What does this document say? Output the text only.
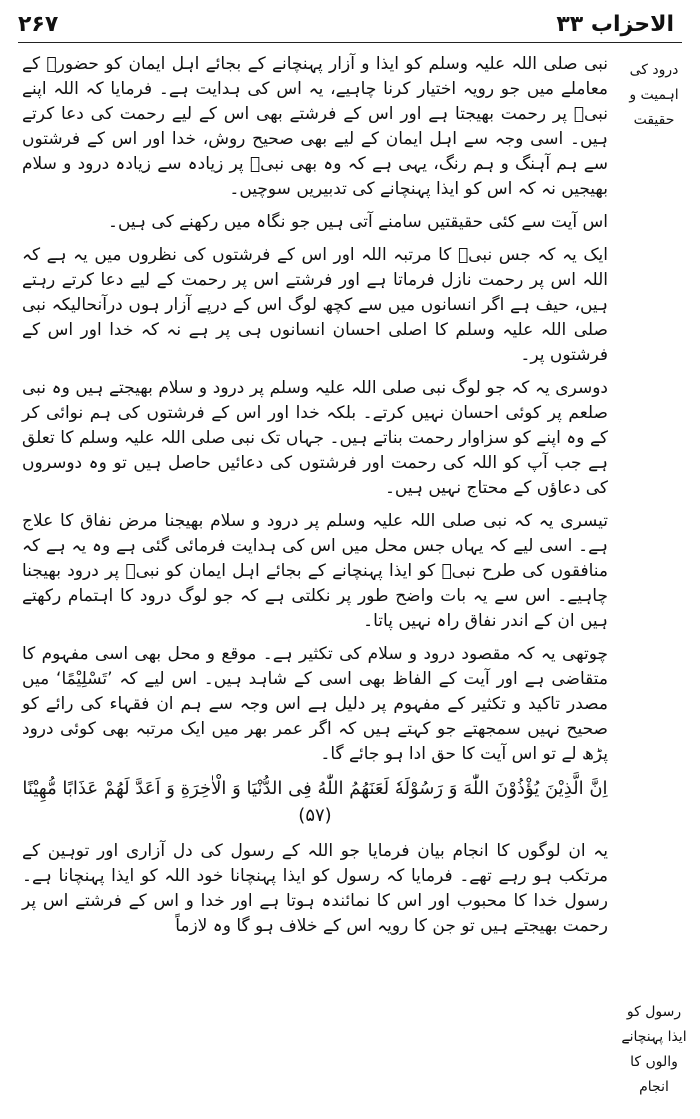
الاحزاب ۳۳
۲۶۷
درود کی اہمیت و حقیقت
رسول کو ایذا پہنچانے والوں کا انجام

نبی صلی اللہ علیہ وسلم کو ایذا و آزار پہنچانے کے بجائے اہل ایمان کو حضورؐ کے معاملے میں جو رویہ اختیار کرنا چاہیے، یہ اس کی ہدایت ہے۔ فرمایا کہ اللہ اپنے نبیؐ پر رحمت بھیجتا ہے اور اس کے فرشتے بھی اس کے لیے رحمت کی دعا کرتے ہیں۔ اسی وجہ سے اہل ایمان کے لیے بھی صحیح روش، خدا اور اس کے فرشتوں سے ہم آہنگ و ہم رنگ، یہی ہے کہ وہ بھی نبیؐ پر زیادہ سے زیادہ درود و سلام بھیجیں نہ کہ اس کو ایذا پہنچانے کی تدبیریں سوچیں۔

اس آیت سے کئی حقیقتیں سامنے آتی ہیں جو نگاہ میں رکھنے کی ہیں۔

ایک یہ کہ جس نبیؐ کا مرتبہ اللہ اور اس کے فرشتوں کی نظروں میں یہ ہے کہ اللہ اس پر رحمت نازل فرماتا ہے اور فرشتے اس پر رحمت کے لیے دعا کرتے رہتے ہیں، حیف ہے اگر انسانوں میں سے کچھ لوگ اس کے درپے آزار ہوں درآنحالیکہ نبی صلی اللہ علیہ وسلم کا اصلی احسان انسانوں ہی پر ہے نہ کہ خدا اور اس کے فرشتوں پر۔

دوسری یہ کہ جو لوگ نبی صلی اللہ علیہ وسلم پر درود و سلام بھیجتے ہیں وہ نبی صلعم پر کوئی احسان نہیں کرتے۔ بلکہ خدا اور اس کے فرشتوں کی ہم نوائی کر کے وہ اپنے کو سزاوار رحمت بناتے ہیں۔ جہاں تک نبی صلی اللہ علیہ وسلم کا تعلق ہے جب آپ کو اللہ کی رحمت اور فرشتوں کی دعائیں حاصل ہیں تو وہ دوسروں کی دعاؤں کے محتاج نہیں ہیں۔

تیسری یہ کہ نبی صلی اللہ علیہ وسلم پر درود و سلام بھیجنا مرض نفاق کا علاج ہے۔ اسی لیے کہ یہاں جس محل میں اس کی ہدایت فرمائی گئی ہے وہ یہ ہے کہ منافقوں کی طرح نبیؐ کو ایذا پہنچانے کے بجائے اہل ایمان کو نبیؐ پر درود بھیجنا چاہیے۔ اس سے یہ بات واضح طور پر نکلتی ہے کہ جو لوگ درود کا اہتمام رکھتے ہیں ان کے اندر نفاق راہ نہیں پاتا۔

چوتھی یہ کہ مقصود درود و سلام کی تکثیر ہے۔ موقع و محل بھی اسی مفہوم کا متقاضی ہے اور آیت کے الفاظ بھی اسی کے شاہد ہیں۔ اس لیے کہ ’تَسْلِیْمًا‘ میں مصدر تاکید و تکثیر کے مفہوم پر دلیل ہے اس وجہ سے ہم ان فقہاء کی رائے کو صحیح نہیں سمجھتے جو کہتے ہیں کہ اگر عمر بھر میں ایک مرتبہ بھی کوئی درود پڑھ لے تو اس آیت کا حق ادا ہو جائے گا۔

اِنَّ الَّذِیْنَ یُؤْذُوْنَ اللّٰهَ وَ رَسُوْلَهٗ لَعَنَهُمُ اللّٰهُ فِی الدُّنْیَا وَ الْاٰخِرَةِ وَ اَعَدَّ لَهُمْ عَذَابًا مُّهِیْنًا (۵۷)

یہ ان لوگوں کا انجام بیان فرمایا جو اللہ کے رسول کی دل آزاری اور توہین کے مرتکب ہو رہے تھے۔ فرمایا کہ رسول کو ایذا پہنچانا خود اللہ کو ایذا پہنچانا ہے۔ رسول خدا کا محبوب اور اس کا نمائندہ ہوتا ہے اور خدا و اس کے فرشتے اس پر رحمت بھیجتے ہیں تو جن کا رویہ اس کے خلاف ہو گا وہ لازماً
